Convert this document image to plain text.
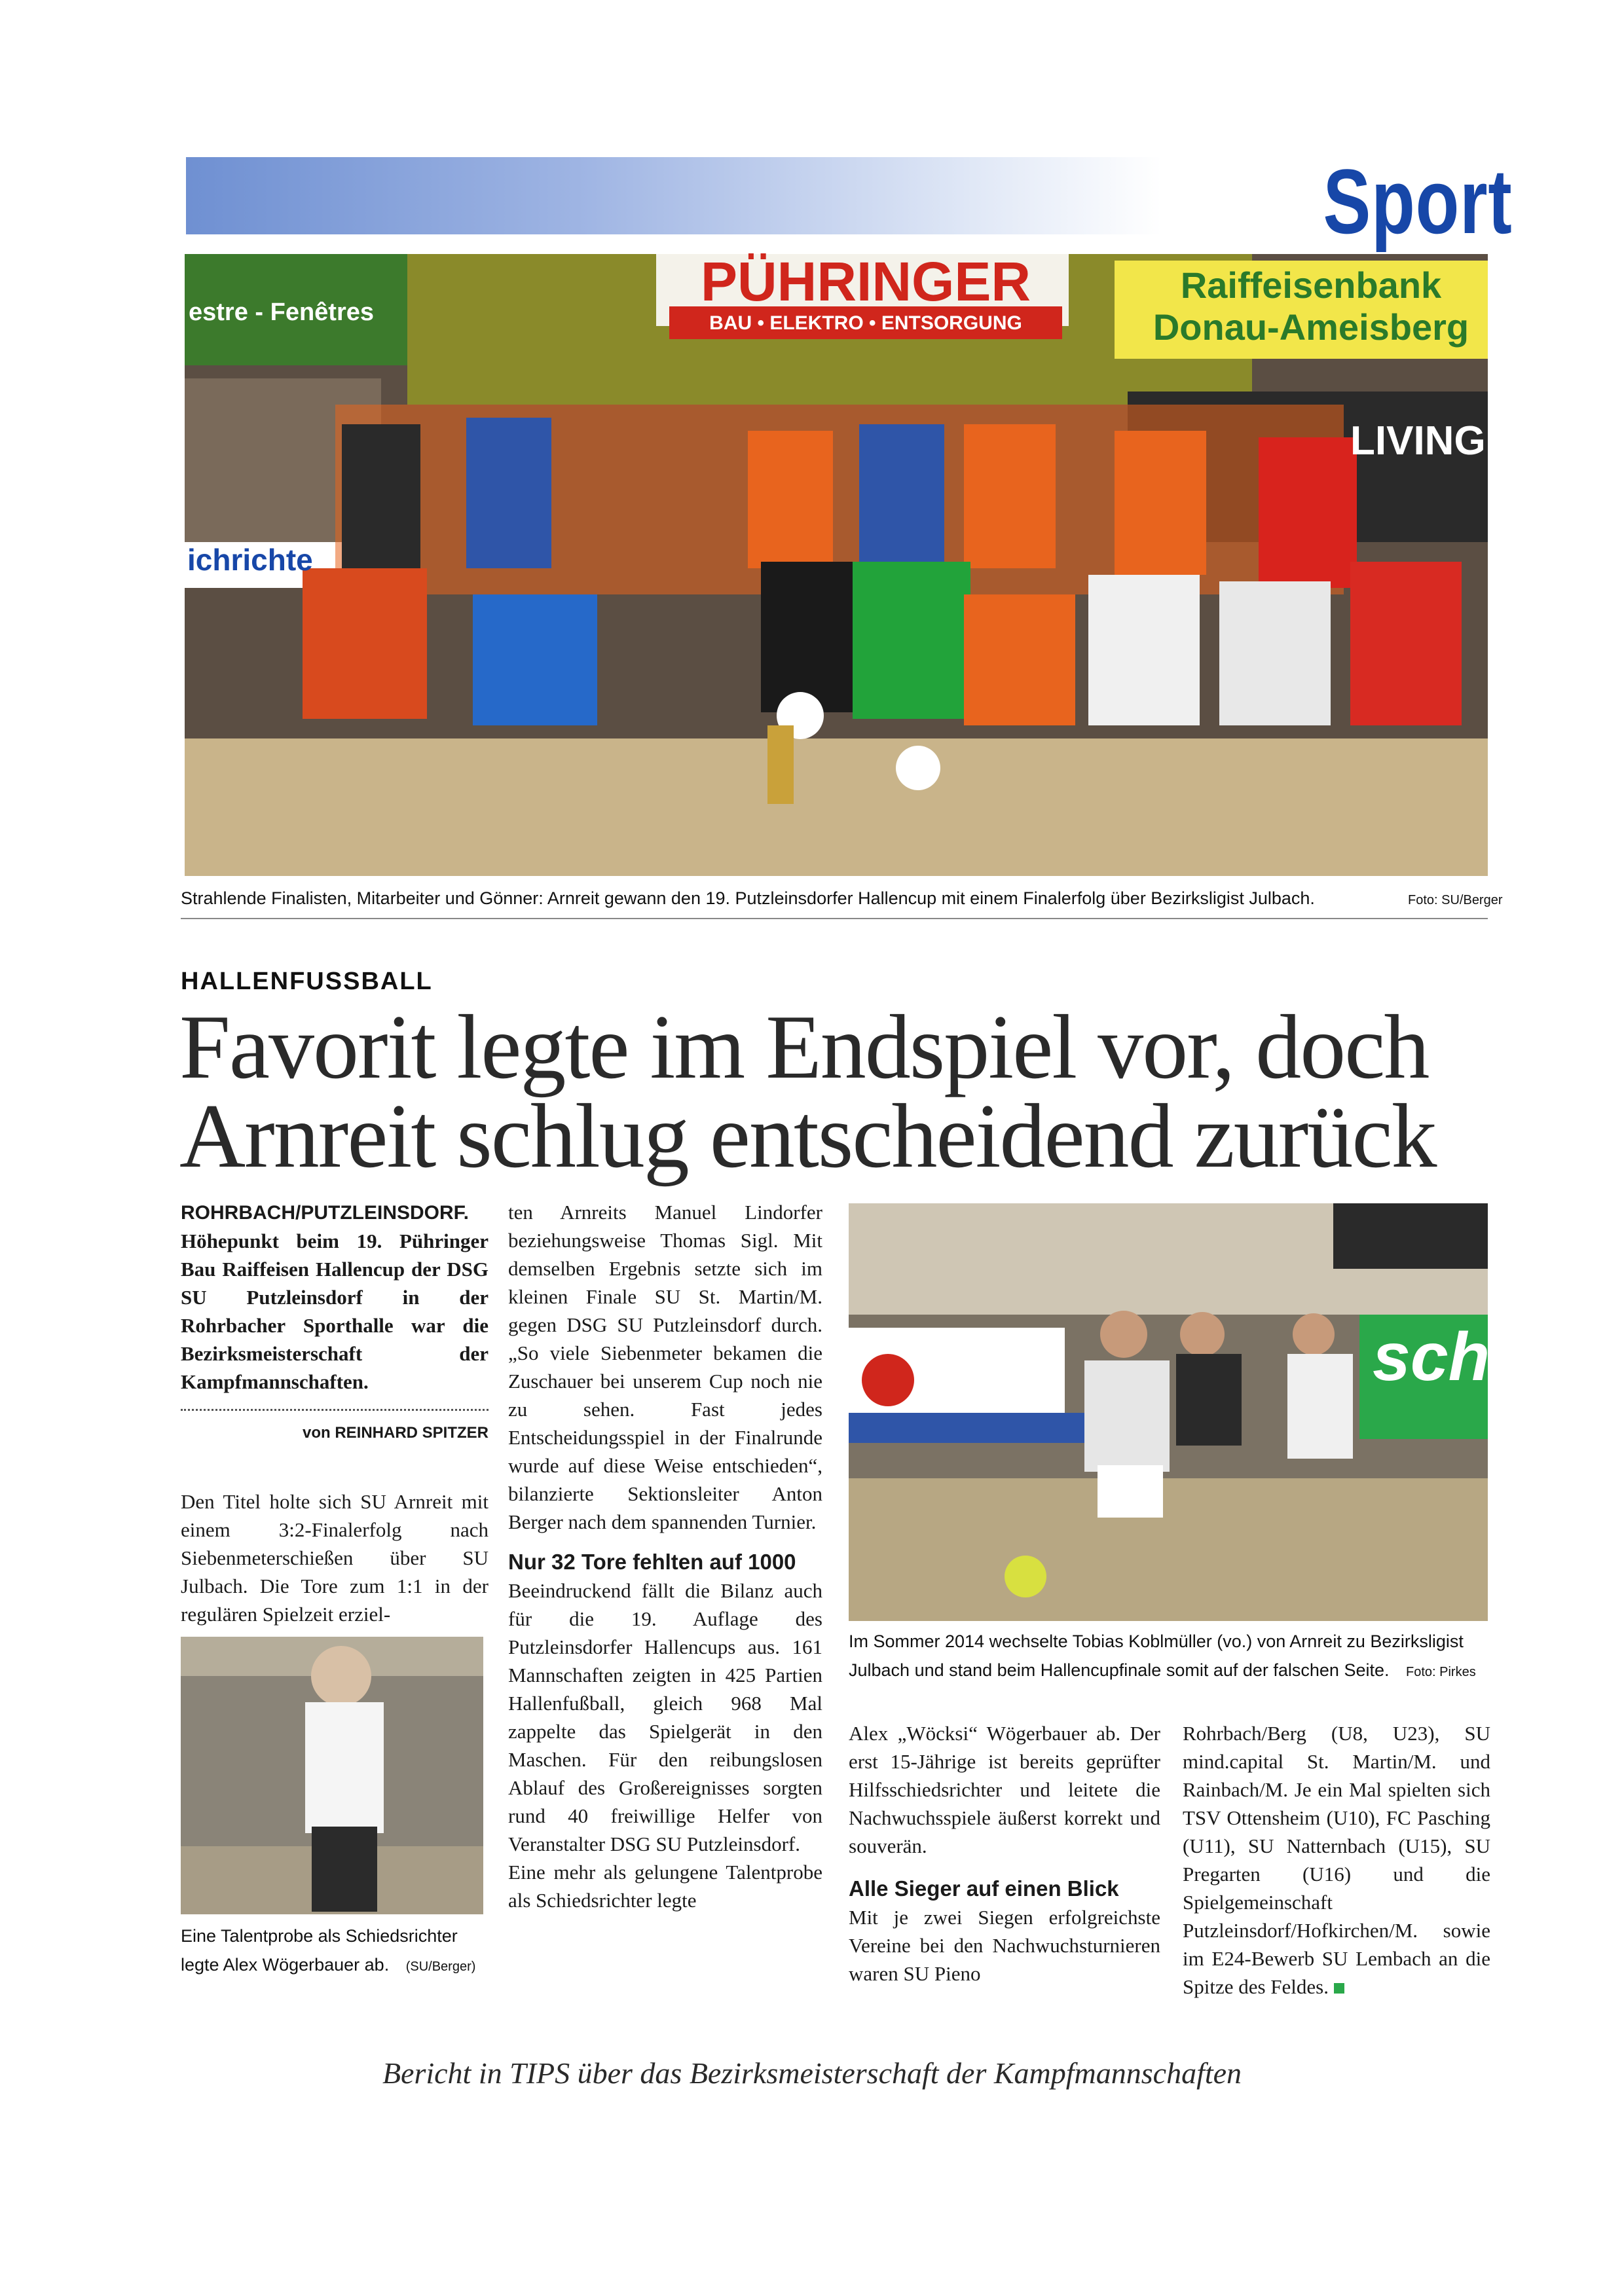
Sport
PÜHRINGER
BAU • ELEKTRO • ENTSORGUNG
Raiffeisenbank
Donau-Ameisberg
estre - Fenêtres
ichrichte
LIVING
Strahlende Finalisten, Mitarbeiter und Gönner: Arnreit gewann den 19. Putzleinsdorfer Hallencup mit einem Finalerfolg über Bezirksligist Julbach.	Foto: SU/Berger
HALLENFUSSBALL
Favorit legte im Endspiel vor, doch
Arnreit schlug entscheidend zurück

ROHRBACH/PUTZLEINSDORF. Höhepunkt beim 19. Pühringer Bau Raiffeisen Hallencup der DSG SU Putzleinsdorf in der Rohrbacher Sporthalle war die Bezirksmeisterschaft der Kampfmannschaften.

von REINHARD SPITZER

Den Titel holte sich SU Arnreit mit einem 3:2-Finalerfolg nach Siebenmeterschießen über SU Julbach. Die Tore zum 1:1 in der regulären Spielzeit erziel-

Eine Talentprobe als Schiedsrichter
legte Alex Wögerbauer ab. (SU/Berger)

ten Arnreits Manuel Lindorfer beziehungsweise Thomas Sigl. Mit demselben Ergebnis setzte sich im kleinen Finale SU St. Martin/M. gegen DSG SU Putzleinsdorf durch. „So viele Siebenmeter bekamen die Zuschauer bei unserem Cup noch nie zu sehen. Fast jedes Entscheidungsspiel in der Finalrunde wurde auf diese Weise entschieden“, bilanzierte Sektionsleiter Anton Berger nach dem spannenden Turnier.

Nur 32 Tore fehlten auf 1000

Beeindruckend fällt die Bilanz auch für die 19. Auflage des Putzleinsdorfer Hallencups aus. 161 Mannschaften zeigten in 425 Partien Hallenfußball, gleich 968 Mal zappelte das Spielgerät in den Maschen. Für den reibungslosen Ablauf des Großereignisses sorgten rund 40 freiwillige Helfer von Veranstalter DSG SU Putzleinsdorf.

Eine mehr als gelungene Talentprobe als Schiedsrichter legte

schl
Im Sommer 2014 wechselte Tobias Koblmüller (vo.) von Arnreit zu Bezirksligist
Julbach und stand beim Hallencupfinale somit auf der falschen Seite. Foto: Pirkes

Alex „Wöcksi“ Wögerbauer ab. Der erst 15-Jährige ist bereits geprüfter Hilfsschiedsrichter und leitete die Nachwuchsspiele äußerst korrekt und souverän.

Alle Sieger auf einen Blick

Mit je zwei Siegen erfolgreichste Vereine bei den Nachwuchsturnieren waren SU Pieno

Rohrbach/Berg (U8, U23), SU mind.capital St. Martin/M. und Rainbach/M. Je ein Mal spielten sich TSV Ottensheim (U10), FC Pasching (U11), SU Natternbach (U15), SU Pregarten (U16) und die Spielgemeinschaft Putzleinsdorf/Hofkirchen/M. sowie im E24-Bewerb SU Lembach an die Spitze des Feldes.

Bericht in TIPS über das Bezirksmeisterschaft der Kampfmannschaften
